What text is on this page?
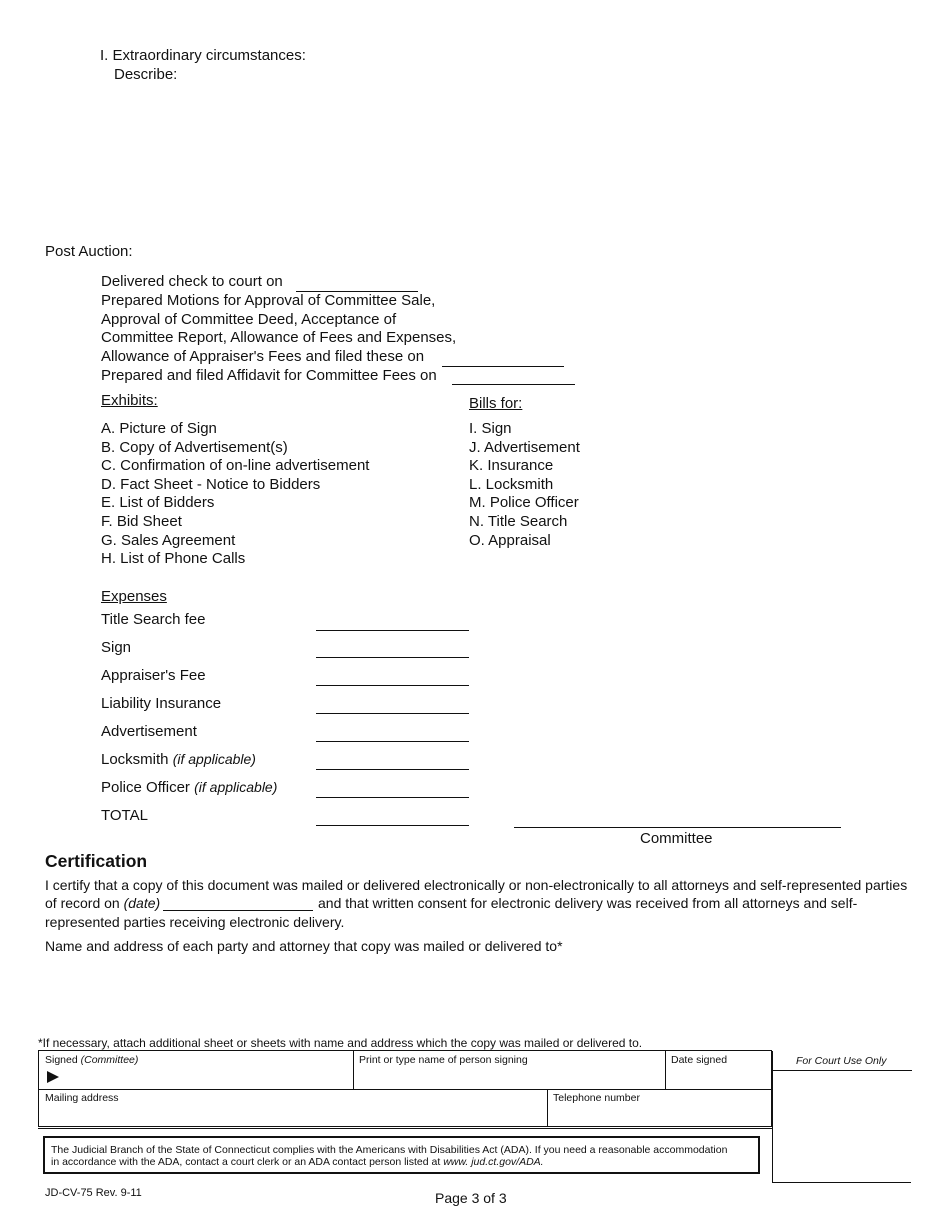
I. Extraordinary circumstances:
Describe:
Post Auction:
Delivered check to court on
Prepared Motions for Approval of Committee Sale,
Approval of Committee Deed, Acceptance of
Committee Report, Allowance of Fees and Expenses,
Allowance of Appraiser's Fees and filed these on
Prepared and filed Affidavit for Committee Fees on
Exhibits:
A. Picture of Sign
B. Copy of Advertisement(s)
C. Confirmation of on-line advertisement
D. Fact Sheet - Notice to Bidders
E. List of Bidders
F. Bid Sheet
G. Sales Agreement
H. List of Phone Calls
Bills for:
I. Sign
J. Advertisement
K. Insurance
L. Locksmith
M. Police Officer
N. Title Search
O. Appraisal
Expenses
Title Search fee
Sign
Appraiser's Fee
Liability Insurance
Advertisement
Locksmith (if applicable)
Police Officer (if applicable)
TOTAL
Committee
Certification
I certify that a copy of this document was mailed or delivered electronically or non-electronically to all attorneys and self-represented parties
of record on (date)	and that written consent for electronic delivery was received from all attorneys and self-
represented parties receiving electronic delivery.
Name and address of each party and attorney that copy was mailed or delivered to*
*If necessary, attach additional sheet or sheets with name and address which the copy was mailed or delivered to.
Signed (Committee)	Print or type name of person signing	Date signed
Mailing address	Telephone number
For Court Use Only
The Judicial Branch of the State of Connecticut complies with the Americans with Disabilities Act (ADA). If you need a reasonable accommodation
in accordance with the ADA, contact a court clerk or an ADA contact person listed at www. jud.ct.gov/ADA.
JD-CV-75 Rev. 9-11	Page 3 of 3
